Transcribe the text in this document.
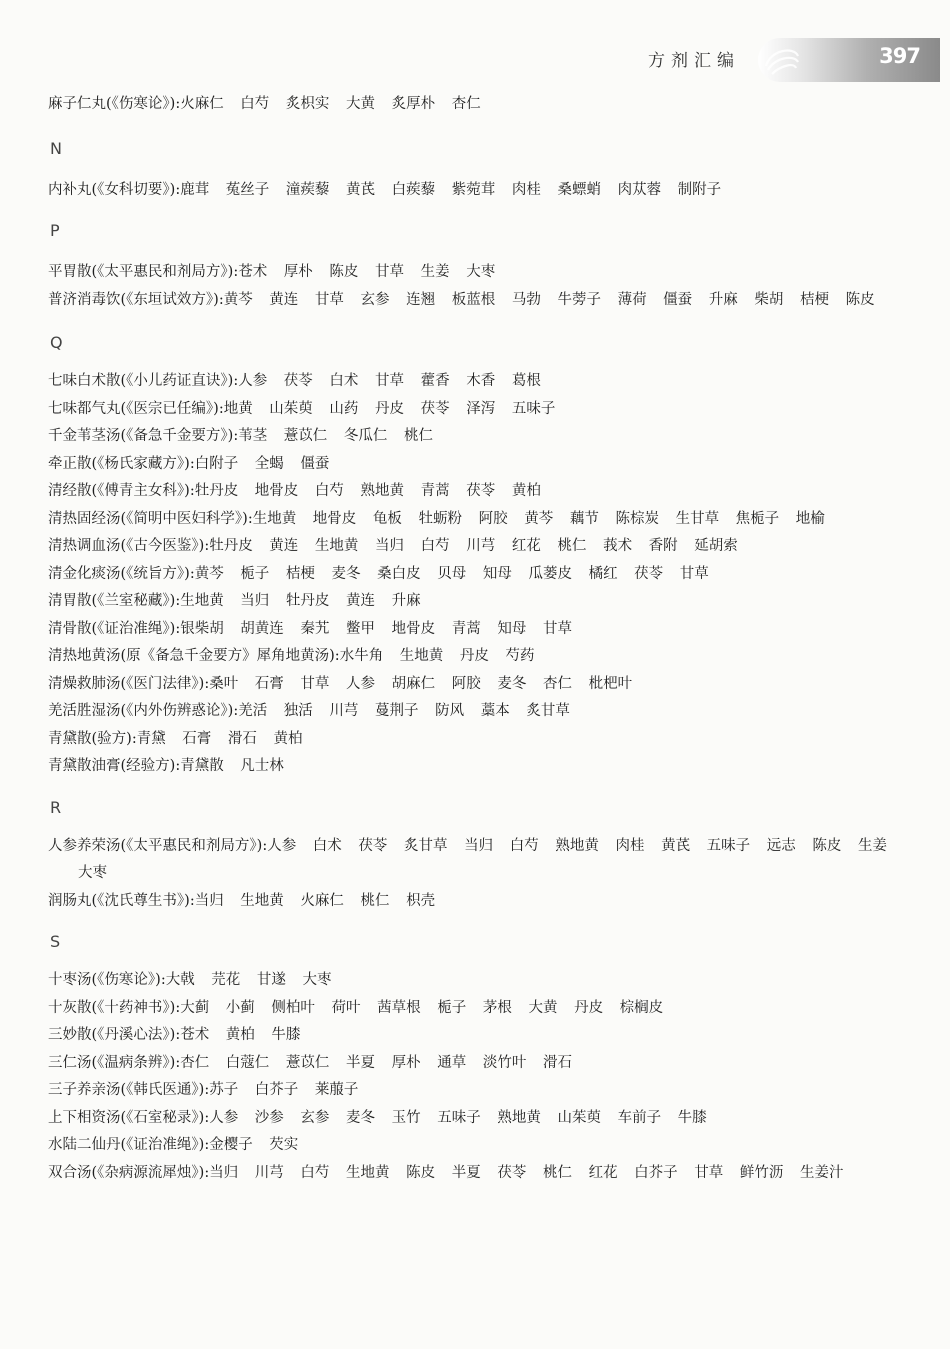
方剂汇编	397
麻子仁丸(《伤寒论》):火麻仁 白芍 炙枳实 大黄 炙厚朴 杏仁
N
内补丸(《女科切要》):鹿茸 菟丝子 潼蒺藜 黄芪 白蒺藜 紫菀茸 肉桂 桑螵蛸 肉苁蓉 制附子
P
平胃散(《太平惠民和剂局方》):苍术 厚朴 陈皮 甘草 生姜 大枣
普济消毒饮(《东垣试效方》):黄芩 黄连 甘草 玄参 连翘 板蓝根 马勃 牛蒡子 薄荷 僵蚕 升麻 柴胡 桔梗 陈皮
Q
七味白术散(《小儿药证直诀》):人参 茯苓 白术 甘草 藿香 木香 葛根
七味都气丸(《医宗已任编》):地黄 山茱萸 山药 丹皮 茯苓 泽泻 五味子
千金苇茎汤(《备急千金要方》):苇茎 薏苡仁 冬瓜仁 桃仁
牵正散(《杨氏家藏方》):白附子 全蝎 僵蚕
清经散(《傅青主女科》):牡丹皮 地骨皮 白芍 熟地黄 青蒿 茯苓 黄柏
清热固经汤(《简明中医妇科学》):生地黄 地骨皮 龟板 牡蛎粉 阿胶 黄芩 藕节 陈棕炭 生甘草 焦栀子 地榆
清热调血汤(《古今医鉴》):牡丹皮 黄连 生地黄 当归 白芍 川芎 红花 桃仁 莪术 香附 延胡索
清金化痰汤(《统旨方》):黄芩 栀子 桔梗 麦冬 桑白皮 贝母 知母 瓜蒌皮 橘红 茯苓 甘草
清胃散(《兰室秘藏》):生地黄 当归 牡丹皮 黄连 升麻
清骨散(《证治准绳》):银柴胡 胡黄连 秦艽 鳖甲 地骨皮 青蒿 知母 甘草
清热地黄汤(原《备急千金要方》犀角地黄汤):水牛角 生地黄 丹皮 芍药
清燥救肺汤(《医门法律》):桑叶 石膏 甘草 人参 胡麻仁 阿胶 麦冬 杏仁 枇杷叶
羌活胜湿汤(《内外伤辨惑论》):羌活 独活 川芎 蔓荆子 防风 藁本 炙甘草
青黛散(验方):青黛 石膏 滑石 黄柏
青黛散油膏(经验方):青黛散 凡士林
R
人参养荣汤(《太平惠民和剂局方》):人参 白术 茯苓 炙甘草 当归 白芍 熟地黄 肉桂 黄芪 五味子 远志 陈皮 生姜 大枣
润肠丸(《沈氏尊生书》):当归 生地黄 火麻仁 桃仁 枳壳
S
十枣汤(《伤寒论》):大戟 芫花 甘遂 大枣
十灰散(《十药神书》):大蓟 小蓟 侧柏叶 荷叶 茜草根 栀子 茅根 大黄 丹皮 棕榈皮
三妙散(《丹溪心法》):苍术 黄柏 牛膝
三仁汤(《温病条辨》):杏仁 白蔻仁 薏苡仁 半夏 厚朴 通草 淡竹叶 滑石
三子养亲汤(《韩氏医通》):苏子 白芥子 莱菔子
上下相资汤(《石室秘录》):人参 沙参 玄参 麦冬 玉竹 五味子 熟地黄 山茱萸 车前子 牛膝
水陆二仙丹(《证治准绳》):金樱子 芡实
双合汤(《杂病源流犀烛》):当归 川芎 白芍 生地黄 陈皮 半夏 茯苓 桃仁 红花 白芥子 甘草 鲜竹沥 生姜汁
